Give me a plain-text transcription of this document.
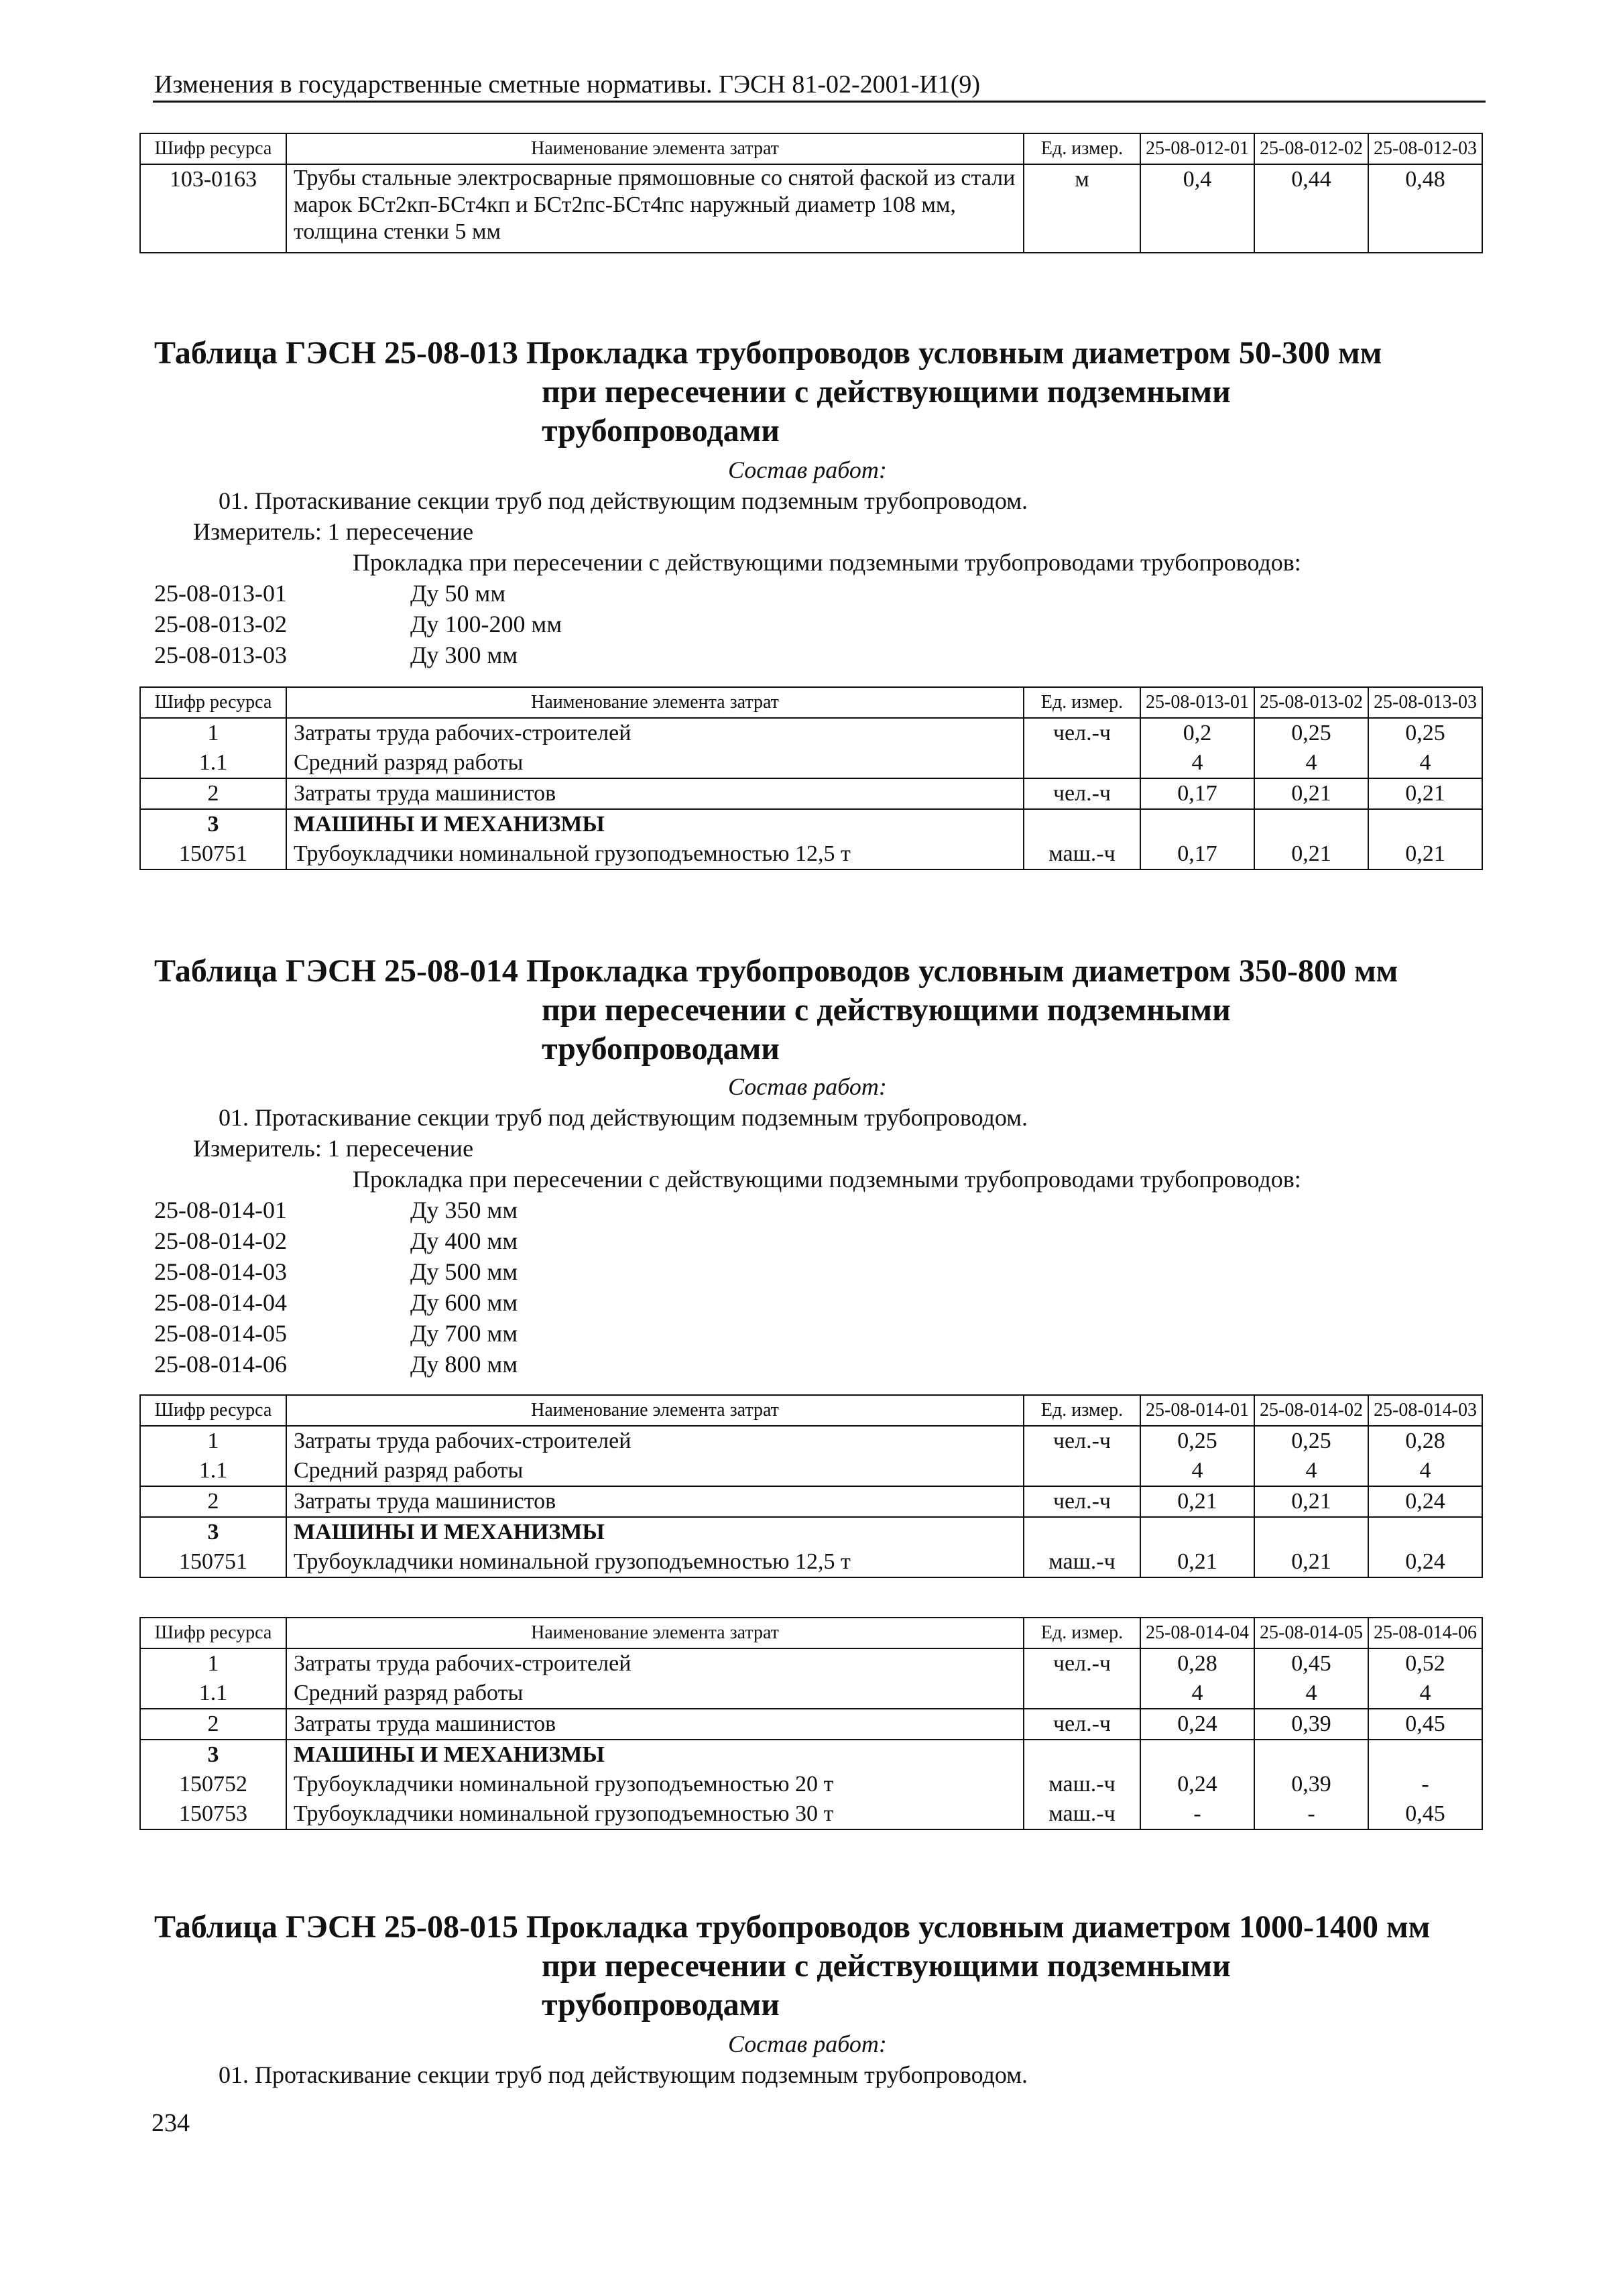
Изменения в государственные сметные нормативы. ГЭСН 81-02-2001-И1(9)
Шифр ресурса	Наименование элемента затрат	Ед. измер.	25-08-012-01	25-08-012-02	25-08-012-03
103-0163	Трубы стальные электросварные прямошовные со снятой фаской из стали марок БСт2кп-БСт4кп и БСт2пс-БСт4пс наружный диаметр 108 мм, толщина стенки 5 мм	м	0,4	0,44	0,48
Таблица ГЭСН 25-08-013 Прокладка трубопроводов условным диаметром 50-300 мм
при пересечении с действующими подземными
трубопроводами
Состав работ:
01. Протаскивание секции труб под действующим подземным трубопроводом.
Измеритель: 1 пересечение
Прокладка при пересечении с действующими подземными трубопроводами трубопроводов:
25-08-013-01	Ду 50 мм
25-08-013-02	Ду 100-200 мм
25-08-013-03	Ду 300 мм
Шифр ресурса	Наименование элемента затрат	Ед. измер.	25-08-013-01	25-08-013-02	25-08-013-03
1	Затраты труда рабочих-строителей	чел.-ч	0,2	0,25	0,25
1.1	Средний разряд работы		4	4	4
2	Затраты труда машинистов	чел.-ч	0,17	0,21	0,21
3	МАШИНЫ И МЕХАНИЗМЫ				
150751	Трубоукладчики номинальной грузоподъемностью 12,5 т	маш.-ч	0,17	0,21	0,21
Таблица ГЭСН 25-08-014 Прокладка трубопроводов условным диаметром 350-800 мм
при пересечении с действующими подземными
трубопроводами
Состав работ:
01. Протаскивание секции труб под действующим подземным трубопроводом.
Измеритель: 1 пересечение
Прокладка при пересечении с действующими подземными трубопроводами трубопроводов:
25-08-014-01	Ду 350 мм
25-08-014-02	Ду 400 мм
25-08-014-03	Ду 500 мм
25-08-014-04	Ду 600 мм
25-08-014-05	Ду 700 мм
25-08-014-06	Ду 800 мм
Шифр ресурса	Наименование элемента затрат	Ед. измер.	25-08-014-01	25-08-014-02	25-08-014-03
1	Затраты труда рабочих-строителей	чел.-ч	0,25	0,25	0,28
1.1	Средний разряд работы		4	4	4
2	Затраты труда машинистов	чел.-ч	0,21	0,21	0,24
3	МАШИНЫ И МЕХАНИЗМЫ				
150751	Трубоукладчики номинальной грузоподъемностью 12,5 т	маш.-ч	0,21	0,21	0,24
Шифр ресурса	Наименование элемента затрат	Ед. измер.	25-08-014-04	25-08-014-05	25-08-014-06
1	Затраты труда рабочих-строителей	чел.-ч	0,28	0,45	0,52
1.1	Средний разряд работы		4	4	4
2	Затраты труда машинистов	чел.-ч	0,24	0,39	0,45
3	МАШИНЫ И МЕХАНИЗМЫ				
150752	Трубоукладчики номинальной грузоподъемностью 20 т	маш.-ч	0,24	0,39	-
150753	Трубоукладчики номинальной грузоподъемностью 30 т	маш.-ч	-	-	0,45
Таблица ГЭСН 25-08-015 Прокладка трубопроводов условным диаметром 1000-1400 мм
при пересечении с действующими подземными
трубопроводами
Состав работ:
01. Протаскивание секции труб под действующим подземным трубопроводом.
234
